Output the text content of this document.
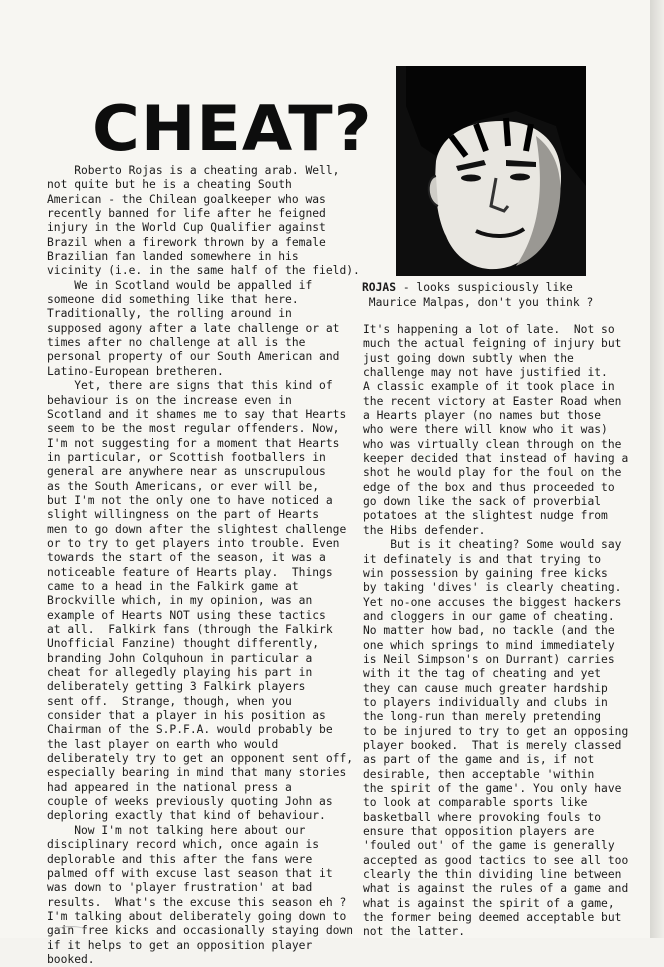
CHEAT?
ROJAS - looks suspiciously like
Maurice Malpas, don't you think ?
Roberto Rojas is a cheating arab. Well,
not quite but he is a cheating South
American - the Chilean goalkeeper who was
recently banned for life after he feigned
injury in the World Cup Qualifier against
Brazil when a firework thrown by a female
Brazilian fan landed somewhere in his
vicinity (i.e. in the same half of the field).
We in Scotland would be appalled if
someone did something like that here.
Traditionally, the rolling around in
supposed agony after a late challenge or at
times after no challenge at all is the
personal property of our South American and
Latino-European bretheren.
Yet, there are signs that this kind of
behaviour is on the increase even in
Scotland and it shames me to say that Hearts
seem to be the most regular offenders. Now,
I'm not suggesting for a moment that Hearts
in particular, or Scottish footballers in
general are anywhere near as unscrupulous
as the South Americans, or ever will be,
but I'm not the only one to have noticed a
slight willingness on the part of Hearts
men to go down after the slightest challenge
or to try to get players into trouble. Even
towards the start of the season, it was a
noticeable feature of Hearts play.  Things
came to a head in the Falkirk game at
Brockville which, in my opinion, was an
example of Hearts NOT using these tactics
at all.  Falkirk fans (through the Falkirk
Unofficial Fanzine) thought differently,
branding John Colquhoun in particular a
cheat for allegedly playing his part in
deliberately getting 3 Falkirk players
sent off.  Strange, though, when you
consider that a player in his position as
Chairman of the S.P.F.A. would probably be
the last player on earth who would
deliberately try to get an opponent sent off,
especially bearing in mind that many stories
had appeared in the national press a
couple of weeks previously quoting John as
deploring exactly that kind of behaviour.
Now I'm not talking here about our
disciplinary record which, once again is
deplorable and this after the fans were
palmed off with excuse last season that it
was down to 'player frustration' at bad
results.  What's the excuse this season eh ?
I'm talking about deliberately going down to
gain free kicks and occasionally staying down
if it helps to get an opposition player
booked.
It's happening a lot of late.  Not so
much the actual feigning of injury but
just going down subtly when the
challenge may not have justified it.
A classic example of it took place in
the recent victory at Easter Road when
a Hearts player (no names but those
who were there will know who it was)
who was virtually clean through on the
keeper decided that instead of having a
shot he would play for the foul on the
edge of the box and thus proceeded to
go down like the sack of proverbial
potatoes at the slightest nudge from
the Hibs defender.
But is it cheating? Some would say
it definately is and that trying to
win possession by gaining free kicks
by taking 'dives' is clearly cheating.
Yet no-one accuses the biggest hackers
and cloggers in our game of cheating.
No matter how bad, no tackle (and the
one which springs to mind immediately
is Neil Simpson's on Durrant) carries
with it the tag of cheating and yet
they can cause much greater hardship
to players individually and clubs in
the long-run than merely pretending
to be injured to try to get an opposing
player booked.  That is merely classed
as part of the game and is, if not
desirable, then acceptable 'within
the spirit of the game'. You only have
to look at comparable sports like
basketball where provoking fouls to
ensure that opposition players are
'fouled out' of the game is generally
accepted as good tactics to see all too
clearly the thin dividing line between
what is against the rules of a game and
what is against the spirit of a game,
the former being deemed acceptable but
not the latter.
